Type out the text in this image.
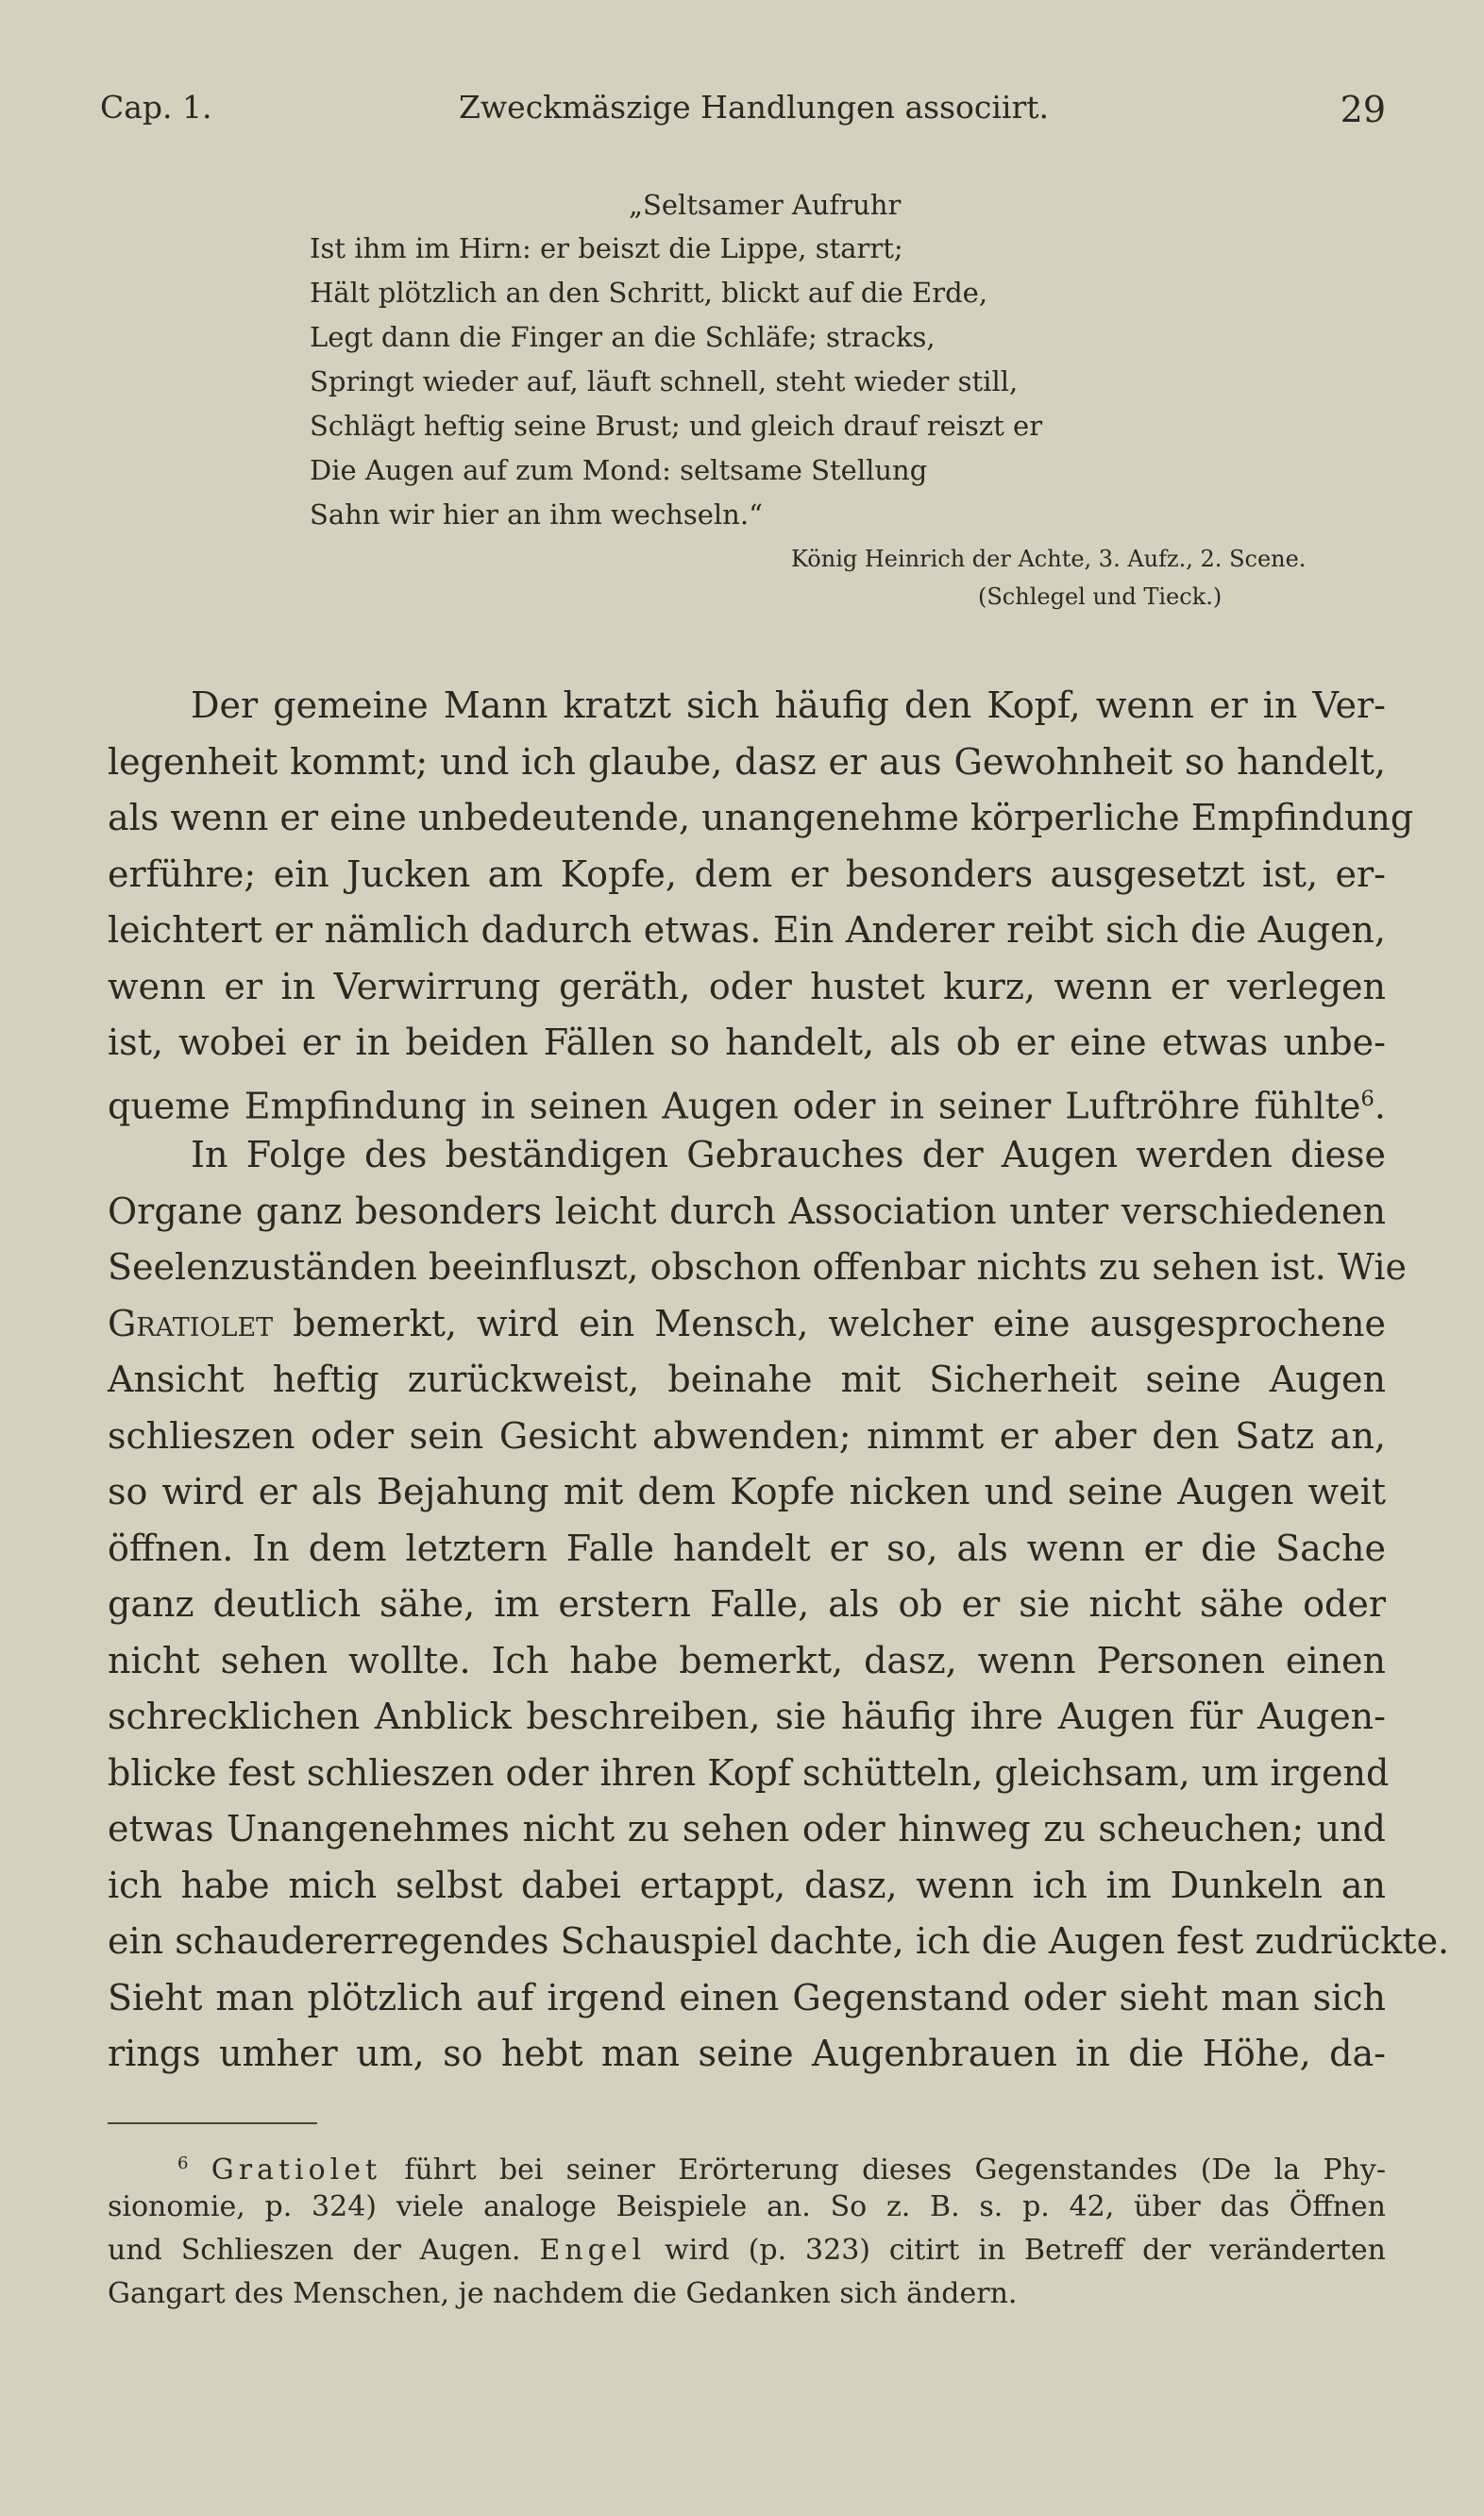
Cap. 1.	Zweckmäszige Handlungen associirt.	29
„Seltsamer Aufruhr
Ist ihm im Hirn: er beiszt die Lippe, starrt;
Hält plötzlich an den Schritt, blickt auf die Erde,
Legt dann die Finger an die Schläfe; stracks,
Springt wieder auf, läuft schnell, steht wieder still,
Schlägt heftig seine Brust; und gleich drauf reiszt er
Die Augen auf zum Mond: seltsame Stellung
Sahn wir hier an ihm wechseln.“
König Heinrich der Achte, 3. Aufz., 2. Scene.
(Schlegel und Tieck.)
Der gemeine Mann kratzt sich häufig den Kopf, wenn er in Ver-
legenheit kommt; und ich glaube, dasz er aus Gewohnheit so handelt,
als wenn er eine unbedeutende, unangenehme körperliche Empfindung
erführe; ein Jucken am Kopfe, dem er besonders ausgesetzt ist, er-
leichtert er nämlich dadurch etwas. Ein Anderer reibt sich die Augen,
wenn er in Verwirrung geräth, oder hustet kurz, wenn er verlegen
ist, wobei er in beiden Fällen so handelt, als ob er eine etwas unbe-
queme Empfindung in seinen Augen oder in seiner Luftröhre fühlte$^6$.
In Folge des beständigen Gebrauches der Augen werden diese
Organe ganz besonders leicht durch Association unter verschiedenen
Seelenzuständen beeinfluszt, obschon offenbar nichts zu sehen ist. Wie
Gratiolet bemerkt, wird ein Mensch, welcher eine ausgesprochene
Ansicht heftig zurückweist, beinahe mit Sicherheit seine Augen
schlieszen oder sein Gesicht abwenden; nimmt er aber den Satz an,
so wird er als Bejahung mit dem Kopfe nicken und seine Augen weit
öffnen. In dem letztern Falle handelt er so, als wenn er die Sache
ganz deutlich sähe, im erstern Falle, als ob er sie nicht sähe oder
nicht sehen wollte. Ich habe bemerkt, dasz, wenn Personen einen
schrecklichen Anblick beschreiben, sie häufig ihre Augen für Augen-
blicke fest schlieszen oder ihren Kopf schütteln, gleichsam, um irgend
etwas Unangenehmes nicht zu sehen oder hinweg zu scheuchen; und
ich habe mich selbst dabei ertappt, dasz, wenn ich im Dunkeln an
ein schaudererregendes Schauspiel dachte, ich die Augen fest zudrückte.
Sieht man plötzlich auf irgend einen Gegenstand oder sieht man sich
rings umher um, so hebt man seine Augenbrauen in die Höhe, da-
$^6$ Gratiolet führt bei seiner Erörterung dieses Gegenstandes (De la Phy-
sionomie, p. 324) viele analoge Beispiele an. So z. B. s. p. 42, über das Öffnen
und Schlieszen der Augen. Engel wird (p. 323) citirt in Betreff der veränderten
Gangart des Menschen, je nachdem die Gedanken sich ändern.
